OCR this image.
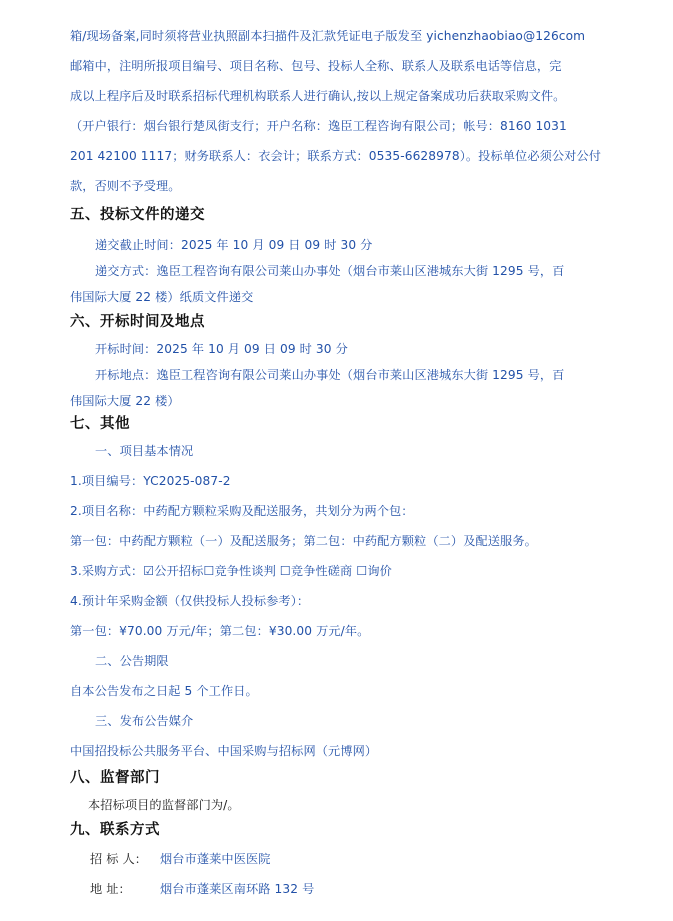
箱/现场备案,同时须将营业执照副本扫描件及汇款凭证电子版发至 yichenzhaobiao@126com
邮箱中，注明所报项目编号、项目名称、包号、投标人全称、联系人及联系电话等信息，完
成以上程序后及时联系招标代理机构联系人进行确认,按以上规定备案成功后获取采购文件。
（开户银行：烟台银行楚凤街支行；开户名称：逸臣工程咨询有限公司；帐号：8160 1031
201 42100 1117；财务联系人：衣会计；联系方式：0535-6628978）。投标单位必须公对公付
款，否则不予受理。
五、投标文件的递交
递交截止时间：2025 年 10 月 09 日 09 时 30 分
递交方式：逸臣工程咨询有限公司莱山办事处（烟台市莱山区港城东大街 1295 号，百
伟国际大厦 22 楼）纸质文件递交
六、开标时间及地点
开标时间：2025 年 10 月 09 日 09 时 30 分
开标地点：逸臣工程咨询有限公司莱山办事处（烟台市莱山区港城东大街 1295 号，百
伟国际大厦 22 楼）
七、其他
一、项目基本情况
1.项目编号：YC2025-087-2
2.项目名称：中药配方颗粒采购及配送服务，共划分为两个包：
第一包：中药配方颗粒（一）及配送服务；第二包：中药配方颗粒（二）及配送服务。
3.采购方式：☑公开招标☐竞争性谈判 ☐竞争性磋商 ☐询价
4.预计年采购金额（仅供投标人投标参考）：
第一包：¥70.00 万元/年；第二包：¥30.00 万元/年。
二、公告期限
自本公告发布之日起 5 个工作日。
三、发布公告媒介
中国招投标公共服务平台、中国采购与招标网（元博网）
八、监督部门
本招标项目的监督部门为/。
九、联系方式
招 标 人： 烟台市蓬莱中医医院
地 址： 烟台市蓬莱区南环路 132 号
